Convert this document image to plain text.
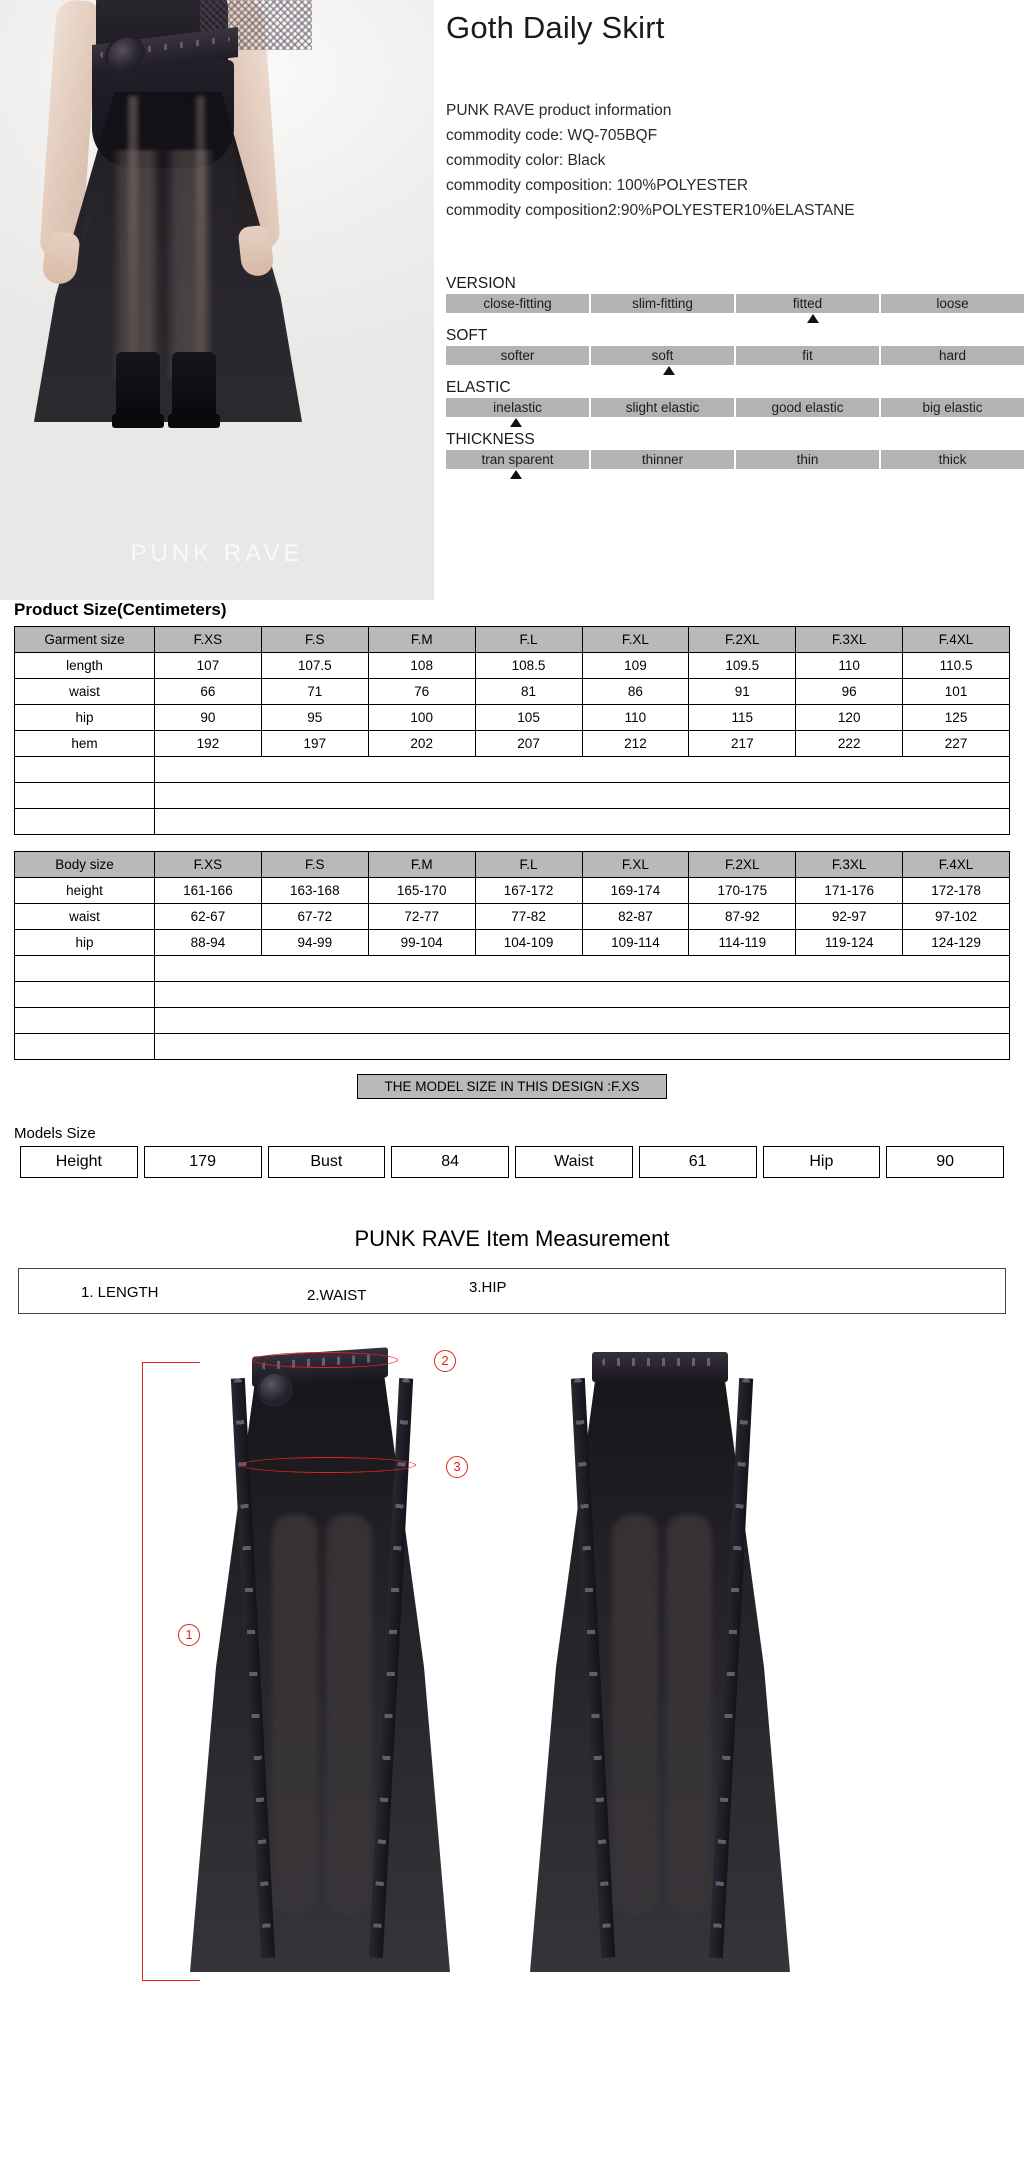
PUNK RAVE
Goth Daily Skirt
PUNK RAVE product information
commodity code: WQ-705BQF
commodity color: Black
commodity composition: 100%POLYESTER
commodity composition2:90%POLYESTER10%ELASTANE
VERSION
close-fitting	slim-fitting	fitted	loose
SOFT
softer	soft	fit	hard
ELASTIC
inelastic	slight elastic	good elastic	big elastic
THICKNESS
tran sparent	thinner	thin	thick
Product Size(Centimeters)
Garment size	F.XS	F.S	F.M	F.L	F.XL	F.2XL	F.3XL	F.4XL
length	107	107.5	108	108.5	109	109.5	110	110.5
waist	66	71	76	81	86	91	96	101
hip	90	95	100	105	110	115	120	125
hem	192	197	202	207	212	217	222	227

Body size	F.XS	F.S	F.M	F.L	F.XL	F.2XL	F.3XL	F.4XL
height	161-166	163-168	165-170	167-172	169-174	170-175	171-176	172-178
waist	62-67	67-72	72-77	77-82	82-87	87-92	92-97	97-102
hip	88-94	94-99	99-104	104-109	109-114	114-119	119-124	124-129

THE MODEL SIZE IN THIS DESIGN :F.XS
Models Size
Height	179	Bust	84	Waist	61	Hip	90
PUNK RAVE Item Measurement
1. LENGTH	2.WAIST	3.HIP
1
2
3
